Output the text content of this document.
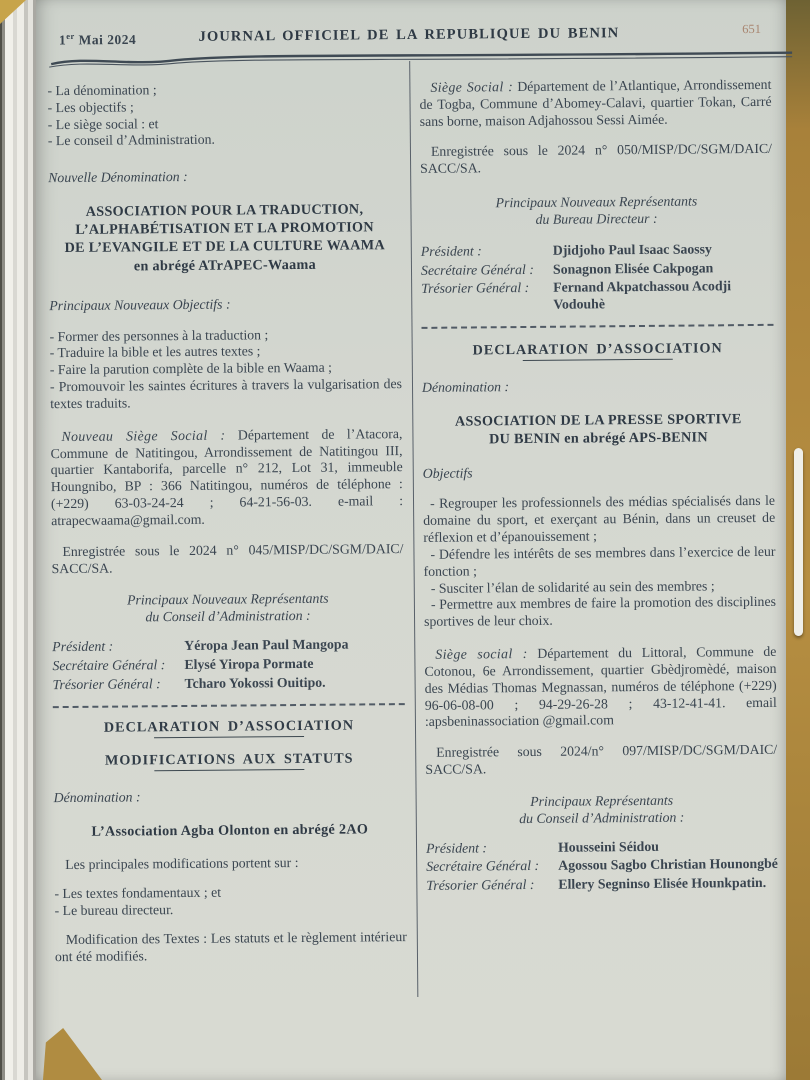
1er Mai 2024	JOURNAL OFFICIEL DE LA REPUBLIQUE DU BENIN	651

- La dénomination ;

- Les objectifs ;

- Le siège social : et

- Le conseil d’Administration.

Nouvelle Dénomination :

ASSOCIATION POUR LA TRADUCTION,
L’ALPHABÉTISATION ET LA PROMOTION
DE L’EVANGILE ET DE LA CULTURE WAAMA
en abrégé ATrAPEC-Waama

Principaux Nouveaux Objectifs :

- Former des personnes à la traduction ;

- Traduire la bible et les autres textes ;

- Faire la parution complète de la bible en Waama ;

- Promouvoir les saintes écritures à travers la vulgarisation des textes traduits.

Nouveau Siège Social : Département de l’Atacora, Commune de Natitingou, Arrondissement de Natitingou III, quartier Kantaborifa, parcelle n° 212, Lot 31, immeuble Houngnibo, BP : 366 Natitingou, numéros de téléphone : (+229) 63-03-24-24 ; 64-21-56-03. e-mail : atrapecwaama@gmail.com.

Enregistrée sous le 2024 n° 045/MISP/DC/SGM/DAIC/ SACC/SA.

Principaux Nouveaux Représentants

du Conseil d’Administration :

Président :	Yéropa Jean Paul Mangopa
Secrétaire Général :	Elysé Yiropa Pormate
Trésorier Général :	Tcharo Yokossi Ouitipo.

DECLARATION D’ASSOCIATION

MODIFICATIONS AUX STATUTS

Dénomination :

L’Association Agba Olonton en abrégé 2AO

Les principales modifications portent sur :

- Les textes fondamentaux ; et

- Le bureau directeur.

Modification des Textes : Les statuts et le règlement intérieur ont été modifiés.

Siège Social : Département de l’Atlantique, Arrondissement de Togba, Commune d’Abomey-Calavi, quartier Tokan, Carré sans borne, maison Adjahossou Sessi Aimée.

Enregistrée sous le 2024 n° 050/MISP/DC/SGM/DAIC/ SACC/SA.

Principaux Nouveaux Représentants

du Bureau Directeur :

Président :	Djidjoho Paul Isaac Saossy
Secrétaire Général :	Sonagnon Elisée Cakpogan
Trésorier Général :	Fernand Akpatchassou Acodji Vodouhè

DECLARATION D’ASSOCIATION

Dénomination :

ASSOCIATION DE LA PRESSE SPORTIVE
DU BENIN en abrégé APS-BENIN

Objectifs

- Regrouper les professionnels des médias spécialisés dans le domaine du sport, et exerçant au Bénin, dans un creuset de réflexion et d’épanouissement ;

- Défendre les intérêts de ses membres dans l’exercice de leur fonction ;

- Susciter l’élan de solidarité au sein des membres ;

- Permettre aux membres de faire la promotion des disciplines sportives de leur choix.

Siège social : Département du Littoral, Commune de Cotonou, 6e Arrondissement, quartier Gbèdjromèdé, maison des Médias Thomas Megnassan, numéros de téléphone (+229) 96-06-08-00 ; 94-29-26-28 ; 43-12-41-41. email :apsbeninassociation @gmail.com

Enregistrée sous 2024/n° 097/MISP/DC/SGM/DAIC/ SACC/SA.

Principaux Représentants

du Conseil d’Administration :

Président :	Housseini Séidou
Secrétaire Général :	Agossou Sagbo Christian Hounongbé
Trésorier Général :	Ellery Segninso Elisée Hounkpatin.
